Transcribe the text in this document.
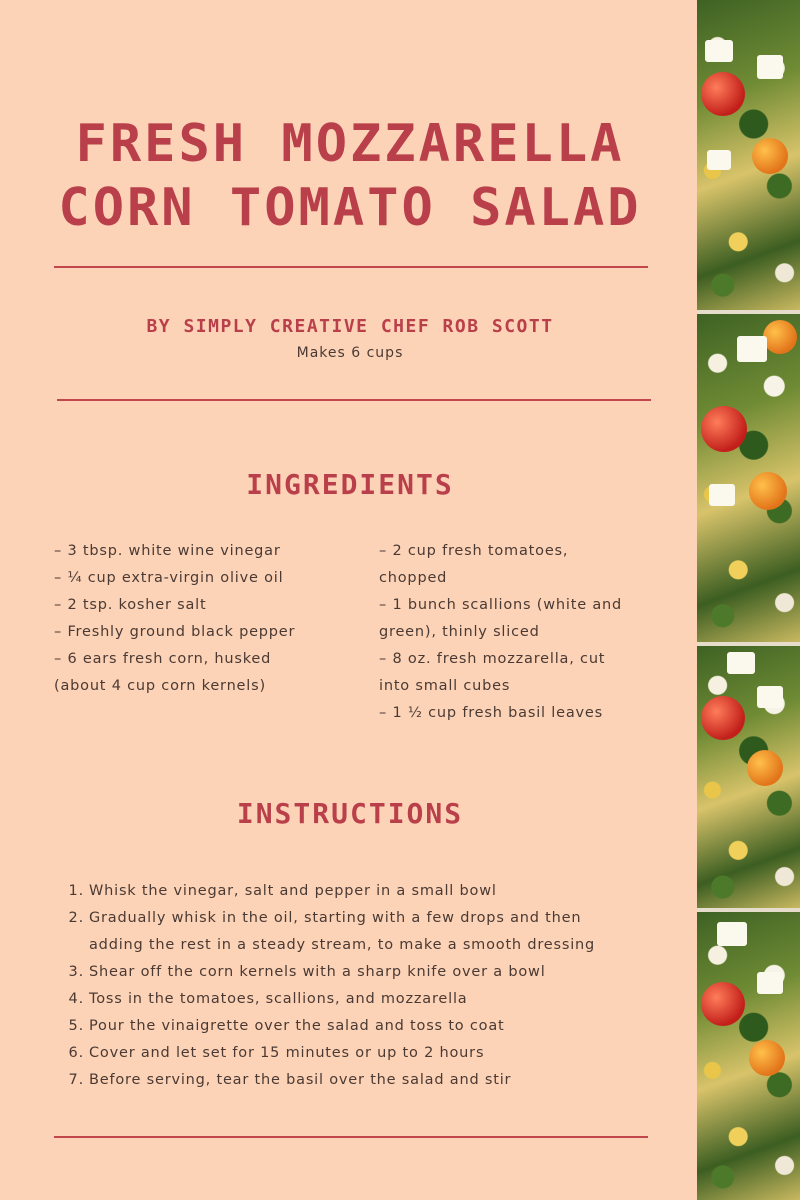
FRESH MOZZARELLA
CORN TOMATO SALAD
BY SIMPLY CREATIVE CHEF ROB SCOTT
Makes 6 cups
INGREDIENTS
– 3 tbsp. white wine vinegar
– ¼ cup extra-virgin olive oil
– 2 tsp. kosher salt
– Freshly ground black pepper
– 6 ears fresh corn, husked
(about 4 cup corn kernels)
– 2 cup fresh tomatoes,
chopped
– 1 bunch scallions (white and
green), thinly sliced
– 8 oz. fresh mozzarella, cut
into small cubes
– 1 ½ cup fresh basil leaves
INSTRUCTIONS
Whisk the vinegar, salt and pepper in a small bowl
Gradually whisk in the oil, starting with a few drops and then adding the rest in a steady stream, to make a smooth dressing
Shear off the corn kernels with a sharp knife over a bowl
Toss in the tomatoes, scallions, and mozzarella
Pour the vinaigrette over the salad and toss to coat
Cover and let set for 15 minutes or up to 2 hours
Before serving, tear the basil over the salad and stir
